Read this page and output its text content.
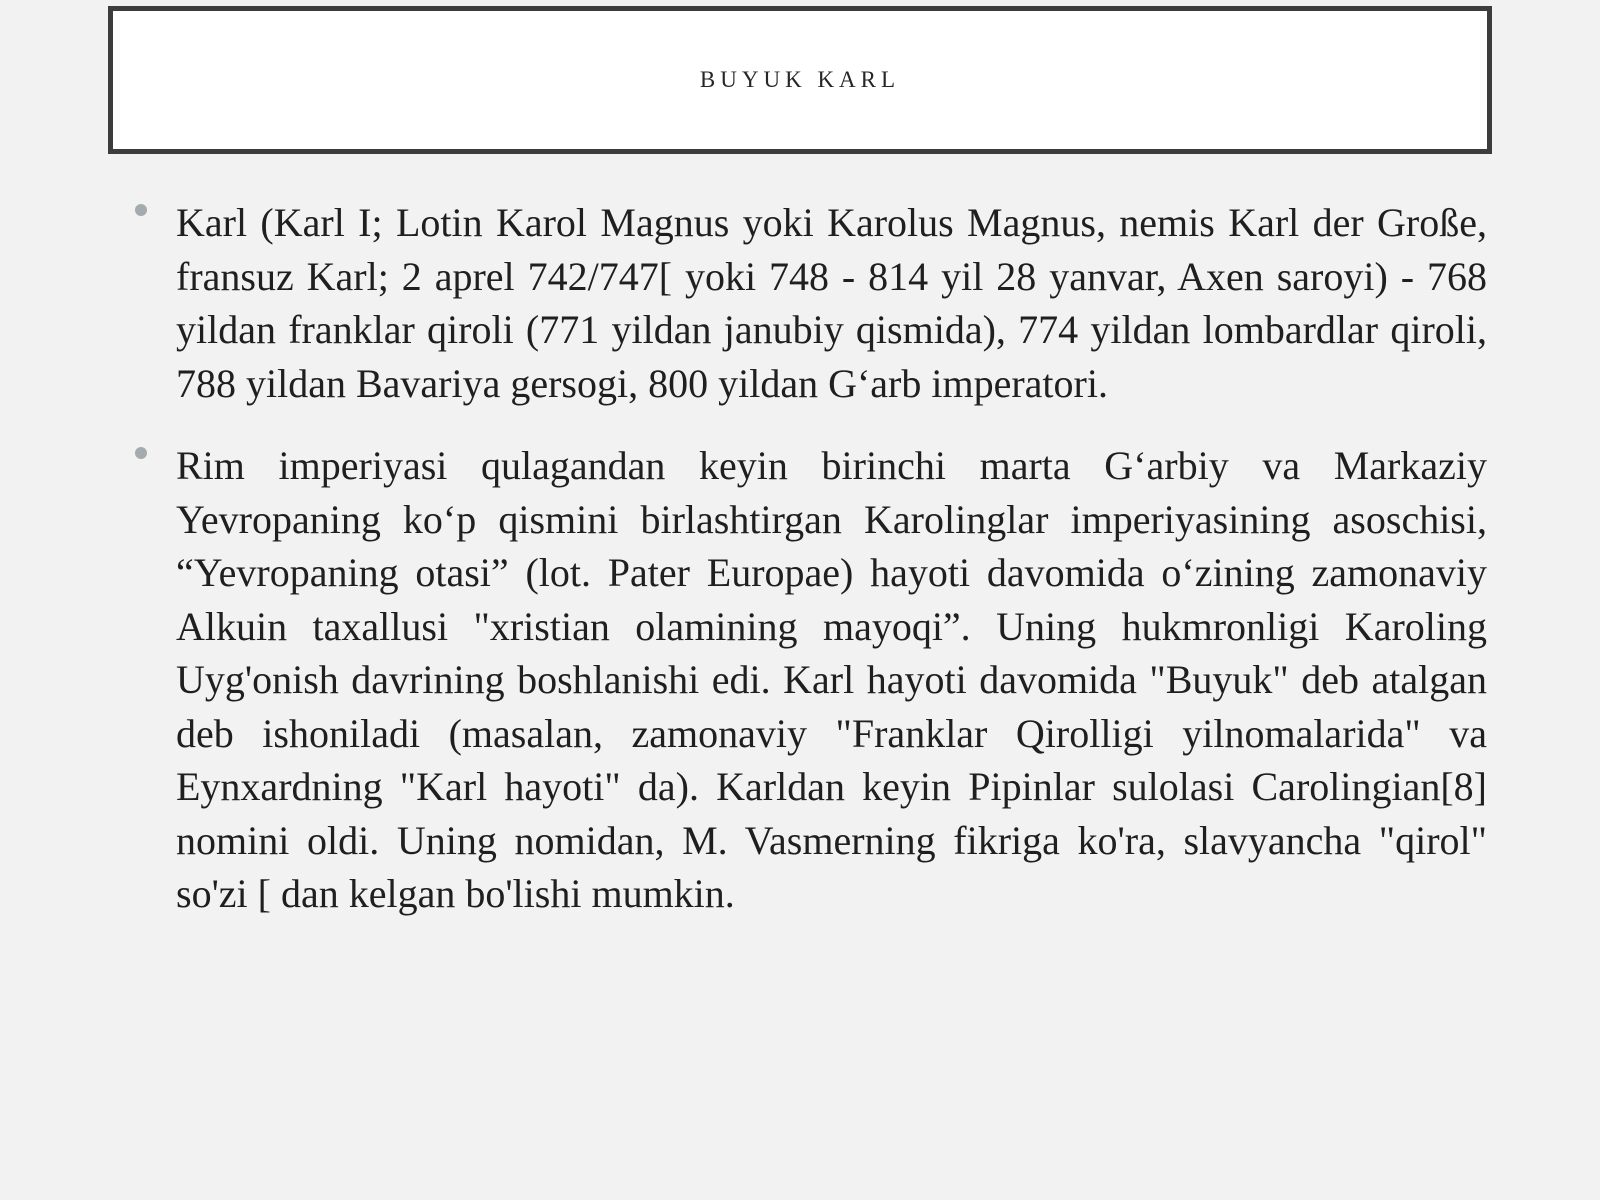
BUYUK KARL
Karl (Karl I; Lotin Karol Magnus yoki Karolus Magnus, nemis Karl der Große, fransuz Karl; 2 aprel 742/747[ yoki 748 - 814 yil 28 yanvar, Axen saroyi) - 768 yildan franklar qiroli (771 yildan janubiy qismida), 774 yildan lombardlar qiroli, 788 yildan Bavariya gersogi, 800 yildan G‘arb imperatori.
Rim imperiyasi qulagandan keyin birinchi marta G‘arbiy va Markaziy Yevropaning ko‘p qismini birlashtirgan Karolinglar imperiyasining asoschisi, “Yevropaning otasi” (lot. Pater Europae) hayoti davomida o‘zining zamonaviy Alkuin taxallusi "xristian olamining mayoqi”. Uning hukmronligi Karoling Uyg'onish davrining boshlanishi edi. Karl hayoti davomida "Buyuk" deb atalgan deb ishoniladi (masalan, zamonaviy "Franklar Qirolligi yilnomalarida" va Eynxardning "Karl hayoti" da). Karldan keyin Pipinlar sulolasi Carolingian[8] nomini oldi. Uning nomidan, M. Vasmerning fikriga ko'ra, slavyancha "qirol" so'zi [ dan kelgan bo'lishi mumkin.
